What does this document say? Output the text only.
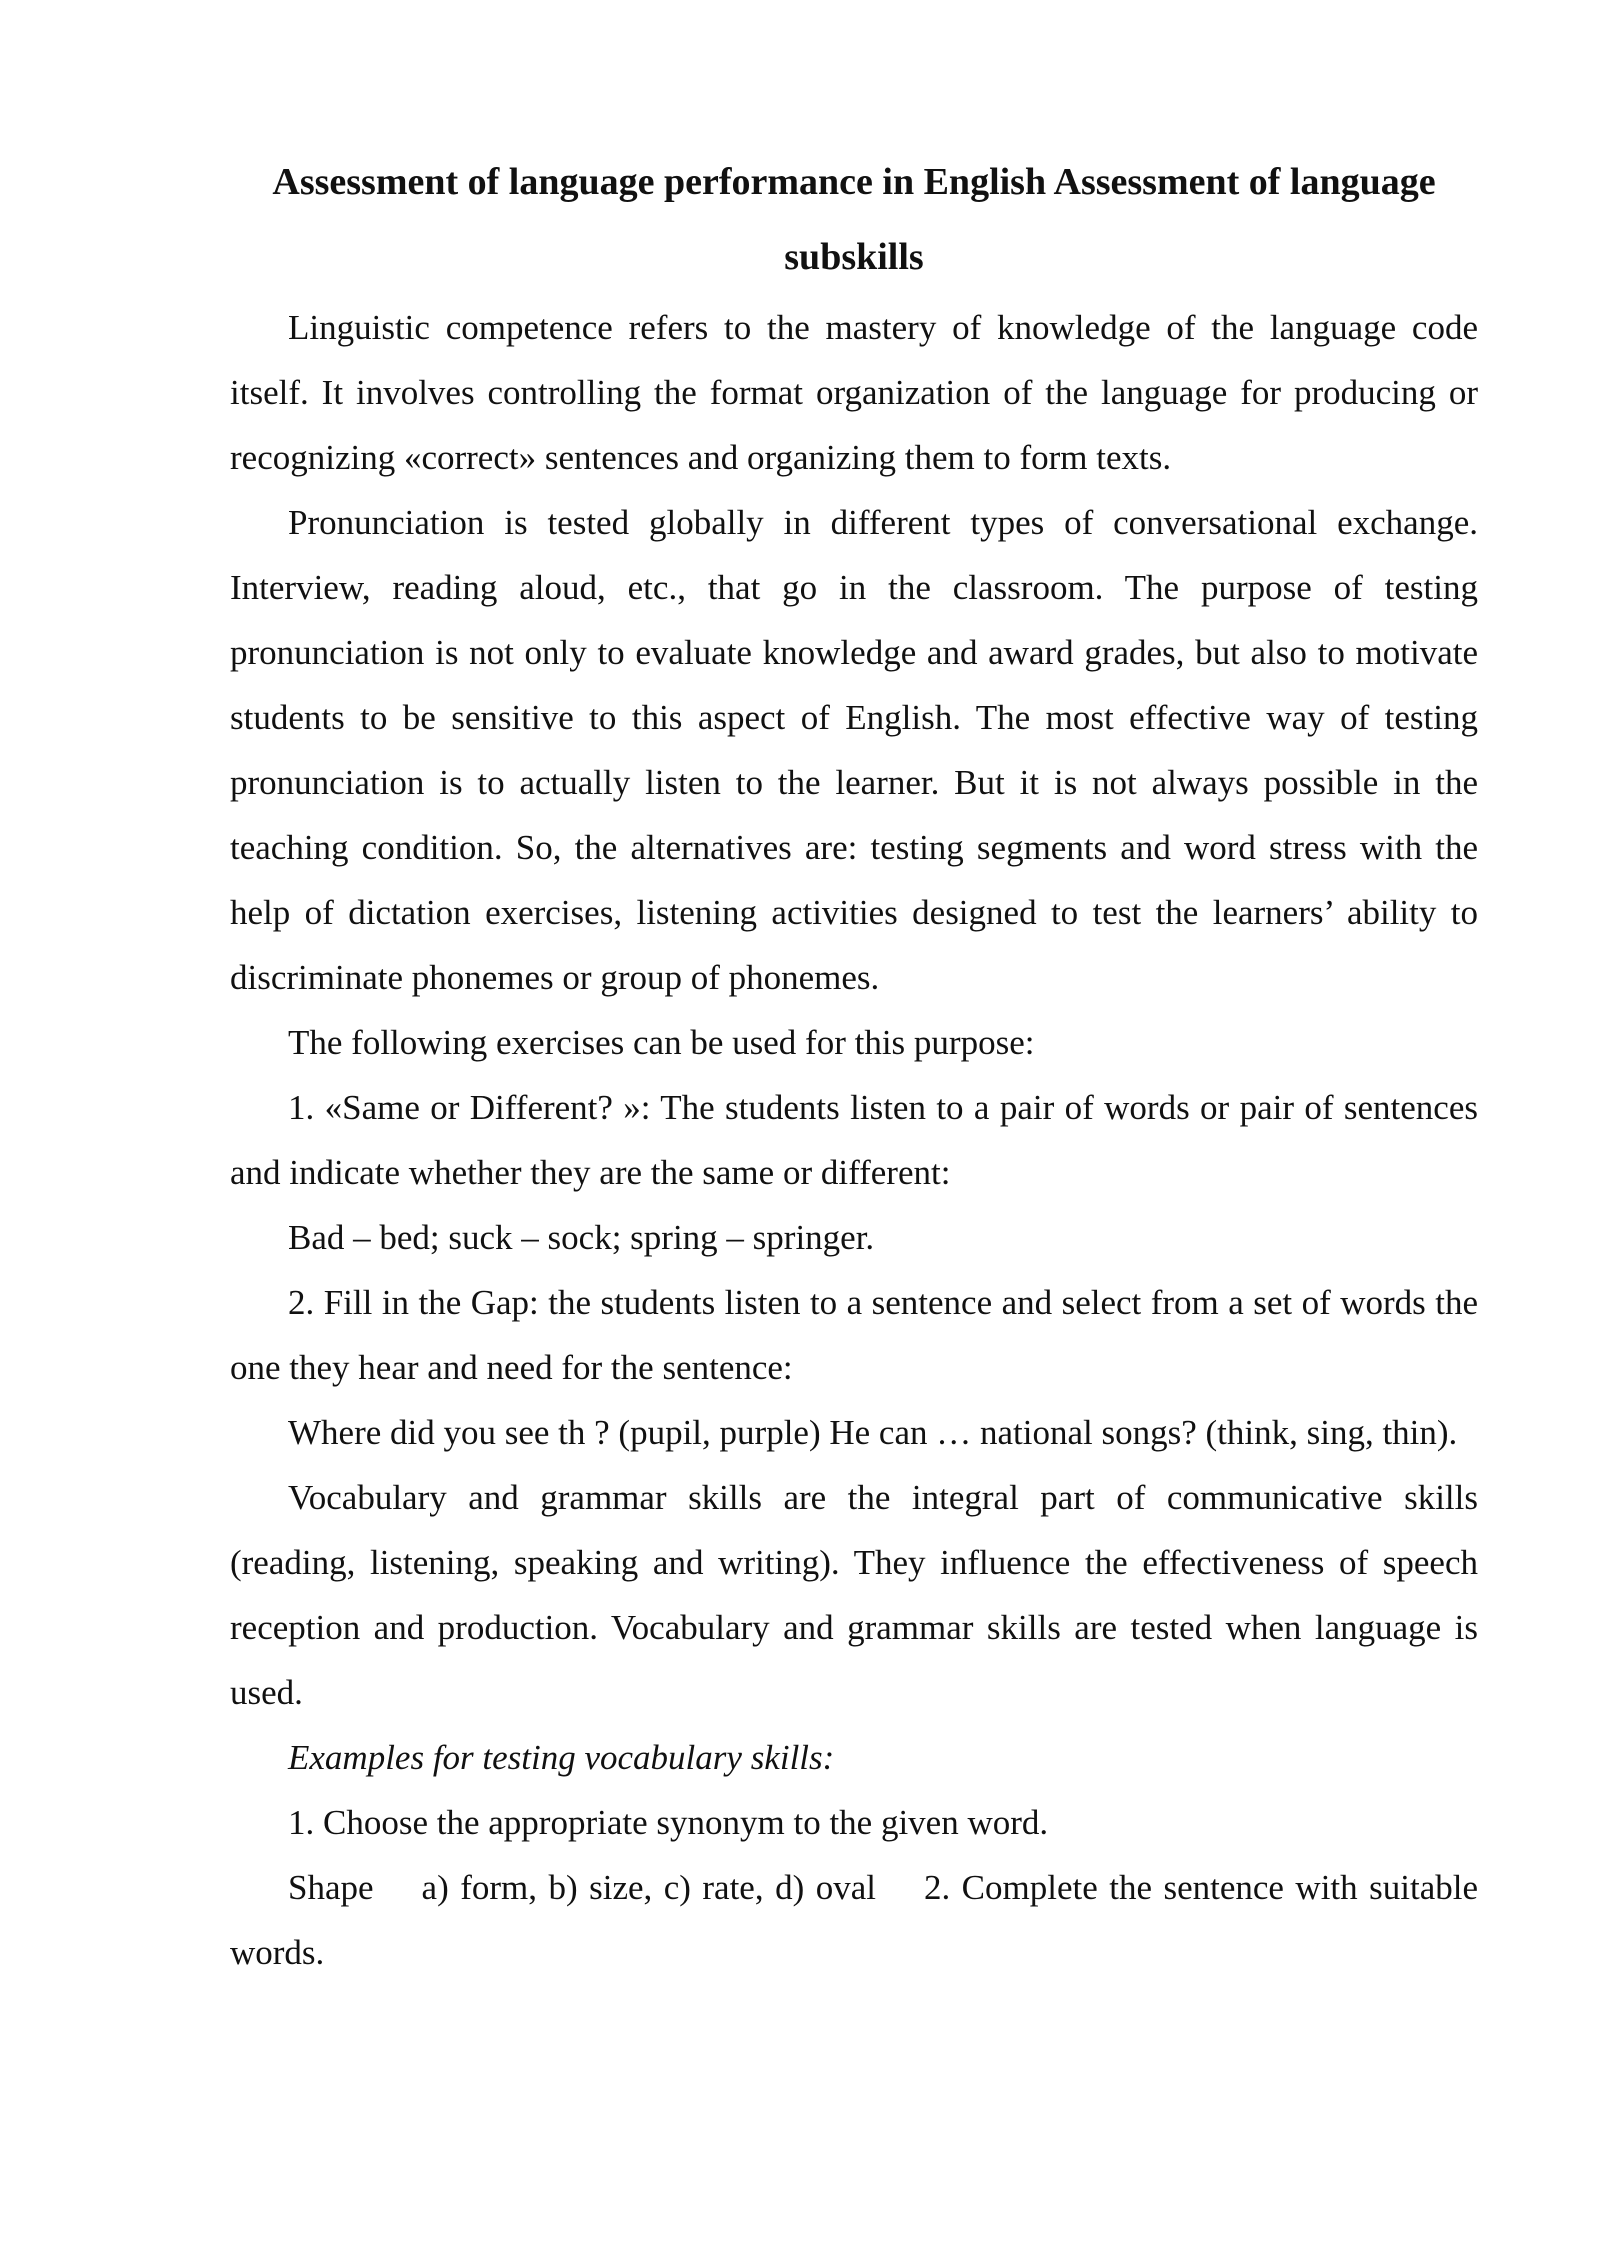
Assessment of language performance in English Assessment of language subskills

Linguistic competence refers to the mastery of knowledge of the language code itself. It involves controlling the format organization of the language for producing or recognizing «correct» sentences and organizing them to form texts.

Pronunciation is tested globally in different types of conversational exchange. Interview, reading aloud, etc., that go in the classroom. The purpose of testing pronunciation is not only to evaluate knowledge and award grades, but also to motivate students to be sensitive to this aspect of English. The most effective way of testing pronunciation is to actually listen to the learner. But it is not always possible in the teaching condition. So, the alternatives are: testing segments and word stress with the help of dictation exercises, listening activities designed to test the learners’ ability to discriminate phonemes or group of phonemes.

The following exercises can be used for this purpose:

1. «Same or Different? »: The students listen to a pair of words or pair of sentences and indicate whether they are the same or different:

Bad – bed; suck – sock; spring – springer.

2. Fill in the Gap: the students listen to a sentence and select from a set of words the one they hear and need for the sentence:

Where did you see th ? (pupil, purple) He can … national songs? (think, sing, thin).

Vocabulary and grammar skills are the integral part of communicative skills (reading, listening, speaking and writing). They influence the effectiveness of speech reception and production. Vocabulary and grammar skills are tested when language is used.

Examples for testing vocabulary skills:

1. Choose the appropriate synonym to the given word.

Shape a) form, b) size, c) rate, d) oval 2. Complete the sentence with suitable words.
